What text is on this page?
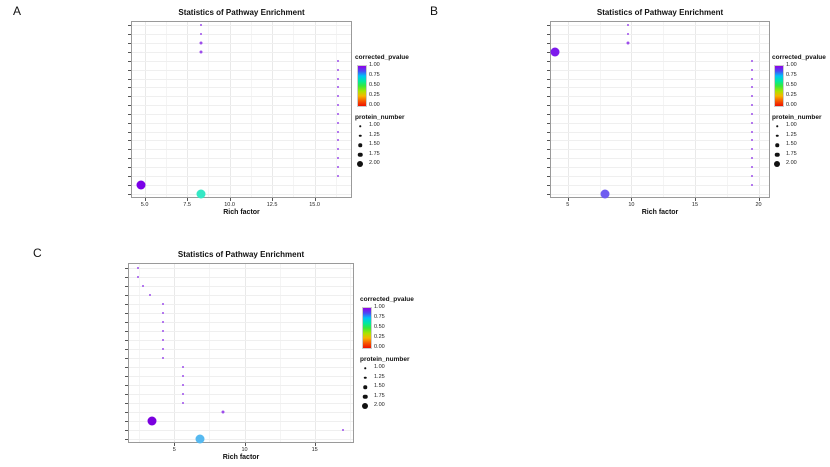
A	Statistics of Pathway Enrichment
5.0	7.5	10.0	12.5	15.0
Rich factor
corrected_pvalue
1.00
0.75
0.50
0.25
0.00
protein_number
1.00
1.25
1.50
1.75
2.00
B	Statistics of Pathway Enrichment
5	10	15	20
Rich factor
corrected_pvalue
1.00
0.75
0.50
0.25
0.00
protein_number
1.00
1.25
1.50
1.75
2.00
C	Statistics of Pathway Enrichment
5	10	15
Rich factor
corrected_pvalue
1.00
0.75
0.50
0.25
0.00
protein_number
1.00
1.25
1.50
1.75
2.00
